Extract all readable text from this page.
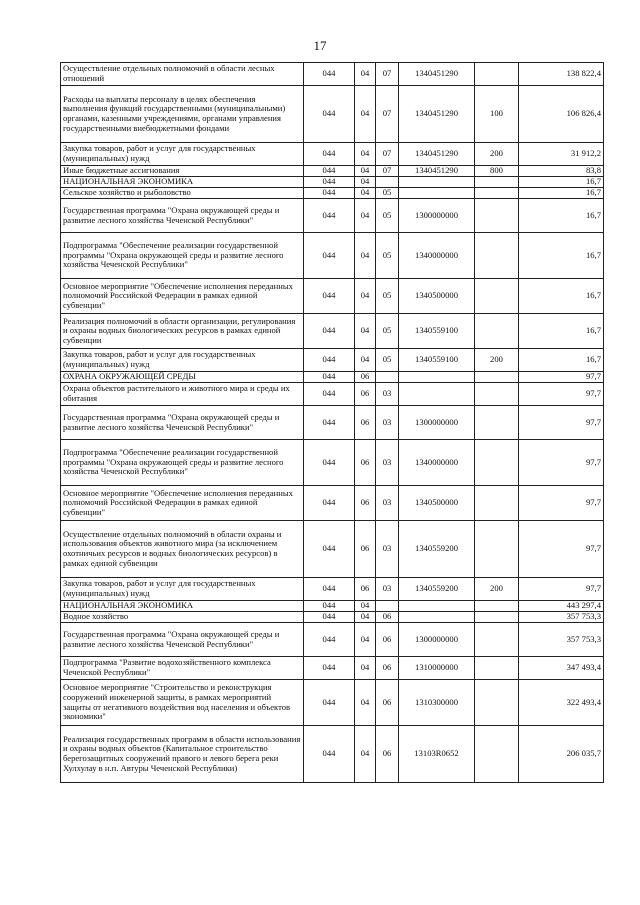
17
Осуществление отдельных полномочий в области лесных отношений	044	04	07	1340451290		138 822,4
Расходы на выплаты персоналу в целях обеспечения выполнения функций государственными (муниципальными) органами, казенными учреждениями, органами управления государственными внебюджетными фондами	044	04	07	1340451290	100	106 826,4
Закупка товаров, работ и услуг для государственных (муниципальных) нужд	044	04	07	1340451290	200	31 912,2
Иные бюджетные ассигнования	044	04	07	1340451290	800	83,8
НАЦИОНАЛЬНАЯ ЭКОНОМИКА	044	04				16,7
Сельское хозяйство и рыболовство	044	04	05			16,7
Государственная программа "Охрана окружающей среды и развитие лесного хозяйства Чеченской Республики"	044	04	05	1300000000		16,7
Подпрограмма "Обеспечение реализации государственной программы "Охрана окружающей среды и развитие лесного хозяйства Чеченской Республики"	044	04	05	1340000000		16,7
Основное мероприятие "Обеспечение исполнения переданных полномочий Российской Федерации в рамках единой субвенции"	044	04	05	1340500000		16,7
Реализация полномочий в области организации, регулирования и охраны водных биологических ресурсов в рамках единой субвенции	044	04	05	1340559100		16,7
Закупка товаров, работ и услуг для государственных (муниципальных) нужд	044	04	05	1340559100	200	16,7
ОХРАНА ОКРУЖАЮЩЕЙ СРЕДЫ	044	06				97,7
Охрана объектов растительного и животного мира и среды их обитания	044	06	03			97,7
Государственная программа "Охрана окружающей среды и развитие лесного хозяйства Чеченской Республики"	044	06	03	1300000000		97,7
Подпрограмма "Обеспечение реализации государственной программы "Охрана окружающей среды и развитие лесного хозяйства Чеченской Республики"	044	06	03	1340000000		97,7
Основное мероприятие "Обеспечение исполнения переданных полномочий Российской Федерации в рамках единой субвенции"	044	06	03	1340500000		97,7
Осуществление отдельных полномочий в области охраны и использования объектов животного мира (за исключением охотничьих ресурсов и водных биологических ресурсов) в рамках единой субвенции	044	06	03	1340559200		97,7
Закупка товаров, работ и услуг для государственных (муниципальных) нужд	044	06	03	1340559200	200	97,7
НАЦИОНАЛЬНАЯ ЭКОНОМИКА	044	04				443 297,4
Водное хозяйство	044	04	06			357 753,3
Государственная программа "Охрана окружающей среды и развитие лесного хозяйства Чеченской Республики"	044	04	06	1300000000		357 753,3
Подпрограмма "Развитие водохозяйственного комплекса Чеченской Республики"	044	04	06	1310000000		347 493,4
Основное мероприятие "Строительство и реконструкция сооружений инженерной защиты, в рамках мероприятий защиты от негативного воздействия вод населения и объектов экономики"	044	04	06	1310300000		322 493,4
Реализация государственных программ в области использования и охраны водных объектов (Капитальное строительство берегозащитных сооружений правого и левого берега реки Хулхулау в н.п. Автуры Чеченской Республики)	044	04	06	13103R0652		206 035,7
